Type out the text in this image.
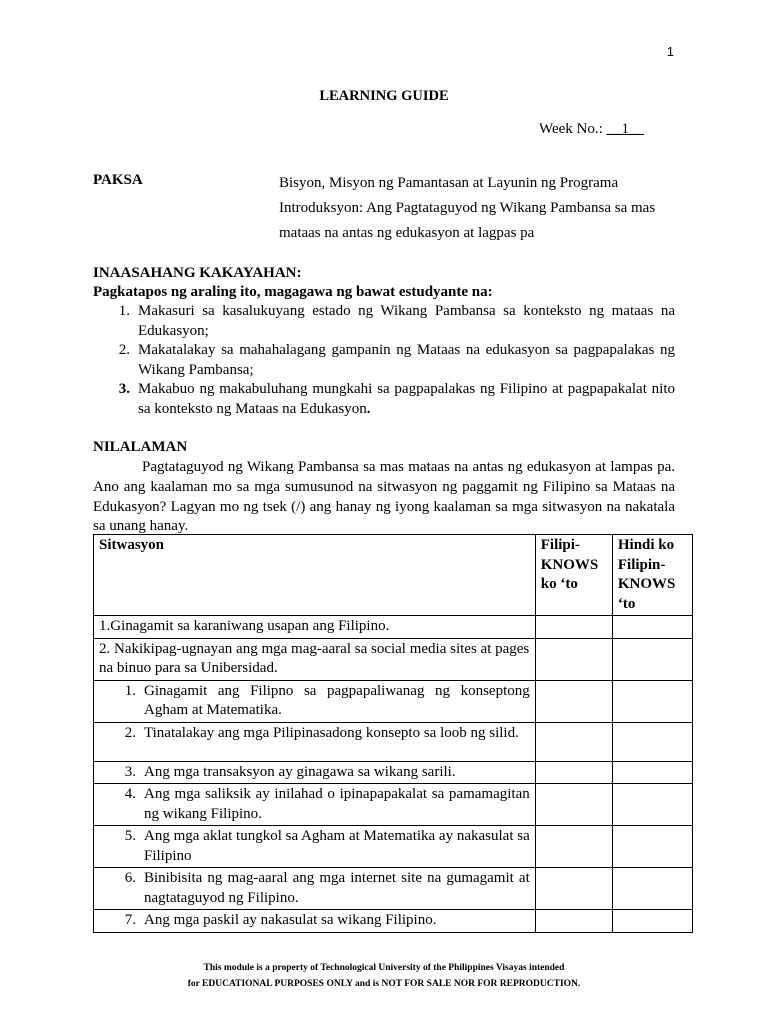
1
LEARNING GUIDE
Week No.: __1__
PAKSA	Bisyon, Misyon ng Pamantasan at Layunin ng Programa
Introduksyon: Ang Pagtataguyod ng Wikang Pambansa sa mas
mataas na antas ng edukasyon at lagpas pa
INAASAHANG KAKAYAHAN:
Pagkatapos ng araling ito, magagawa ng bawat estudyante na:
1. Makasuri sa kasalukuyang estado ng Wikang Pambansa sa konteksto ng mataas na Edukasyon;
2. Makatalakay sa mahahalagang gampanin ng Mataas na edukasyon sa pagpapalakas ng Wikang Pambansa;
3. Makabuo ng makabuluhang mungkahi sa pagpapalakas ng Filipino at pagpapakalat nito sa konteksto ng Mataas na Edukasyon.
NILALAMAN

Pagtataguyod ng Wikang Pambansa sa mas mataas na antas ng edukasyon at lampas pa. Ano ang kaalaman mo sa mga sumusunod na sitwasyon ng paggamit ng Filipino sa Mataas na Edukasyon? Lagyan mo ng tsek (/) ang hanay ng iyong kaalaman sa mga sitwasyon na nakatala sa unang hanay.

Sitwasyon	Filipi-KNOWS ko ‘to	Hindi ko Filipin-KNOWS ‘to
1.Ginagamit sa karaniwang usapan ang Filipino.		
2. Nakikipag-ugnayan ang mga mag-aaral sa social media sites at pages na binuo para sa Unibersidad.		

1. Ginagamit ang Filipno sa pagpapaliwanag ng konseptong Agham at Matematika.		

2. Tinatalakay ang mga Pilipinasadong konsepto sa loob ng silid.		

3. Ang mga transaksyon ay ginagawa sa wikang sarili.		

4. Ang mga saliksik ay inilahad o ipinapapakalat sa pamamagitan ng wikang Filipino.		

5. Ang mga aklat tungkol sa Agham at Matematika ay nakasulat sa Filipino		

6. Binibisita ng mag-aaral ang mga internet site na gumagamit at nagtataguyod ng Filipino.		

7. Ang mga paskil ay nakasulat sa wikang Filipino.		

This module is a property of Technological University of the Philippines Visayas intended
for EDUCATIONAL PURPOSES ONLY and is NOT FOR SALE NOR FOR REPRODUCTION.
